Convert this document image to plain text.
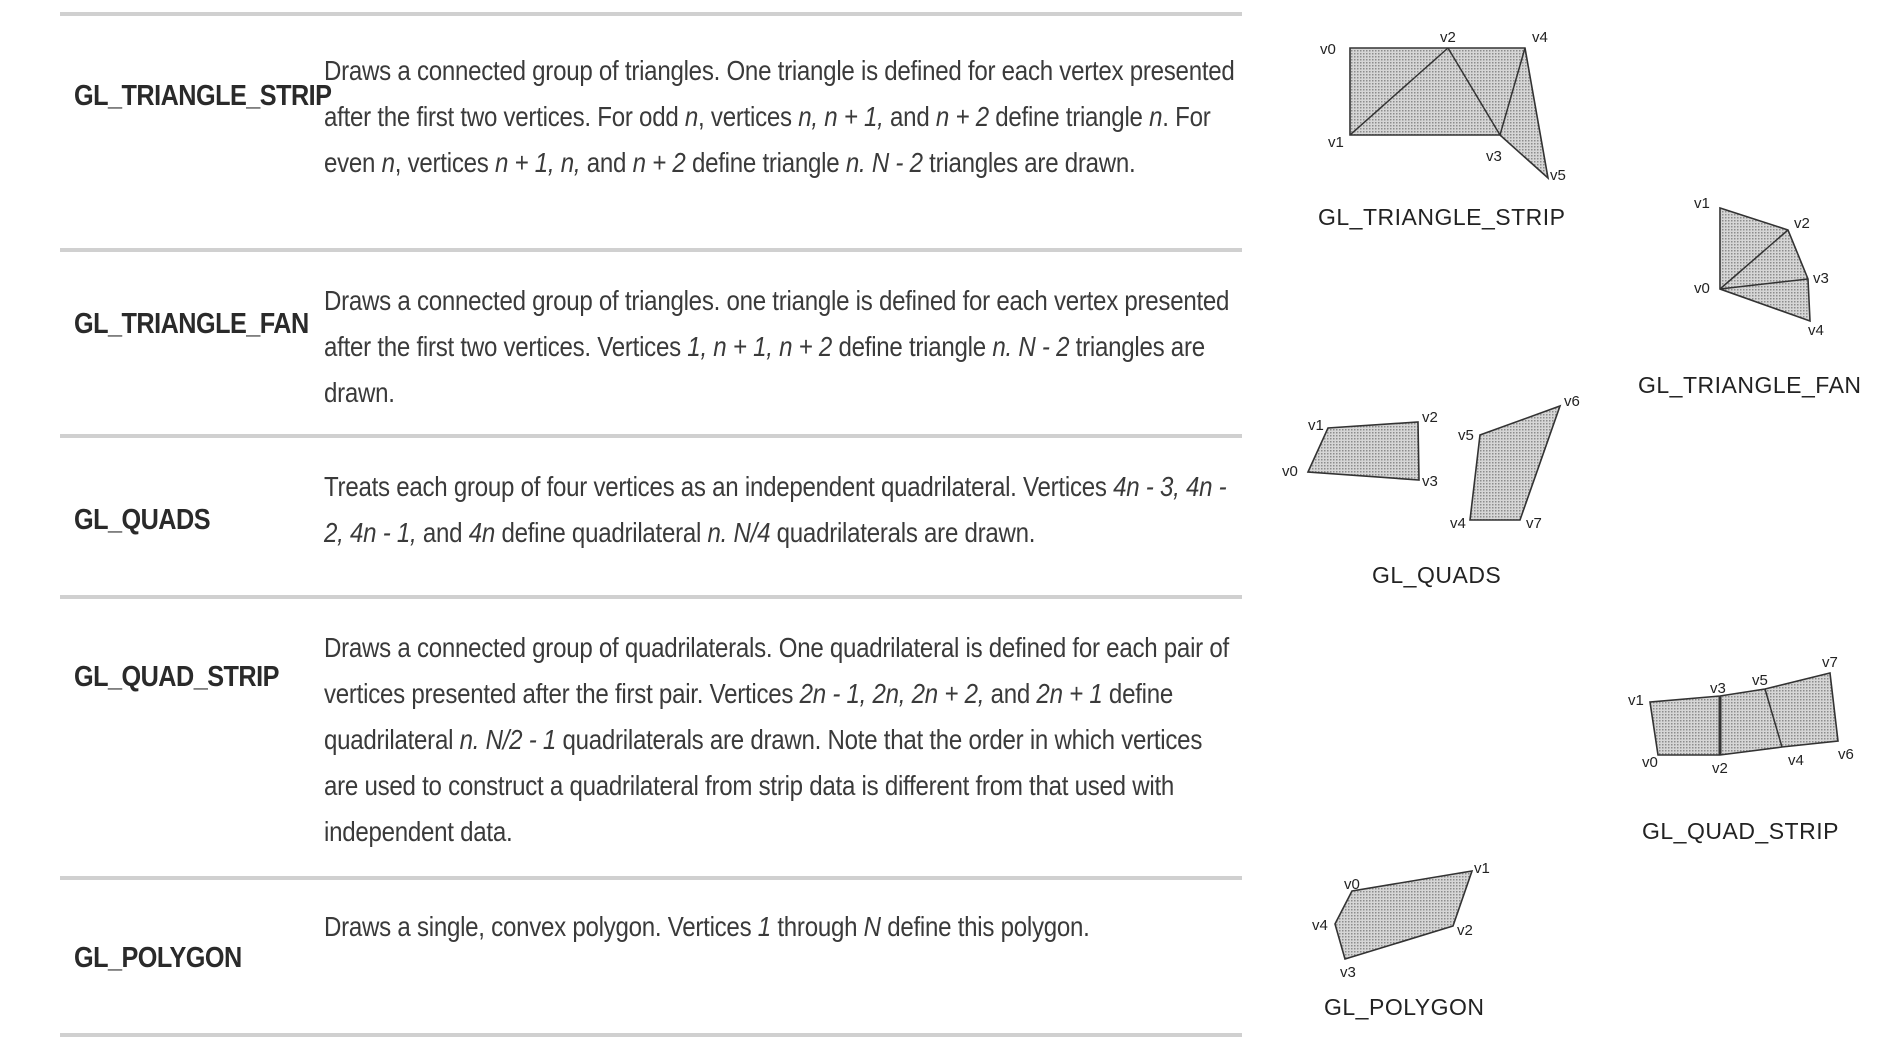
GL_TRIANGLE_STRIP
Draws a connected group of triangles. One triangle is defined for each vertex presented after the first two vertices. For odd n, vertices n, n + 1, and n + 2 define triangle n. For even n, vertices n + 1, n, and n + 2 define triangle n. N - 2 triangles are drawn.
GL_TRIANGLE_FAN
Draws a connected group of triangles. one triangle is defined for each vertex presented after the first two vertices. Vertices 1, n + 1, n + 2 define triangle n. N - 2 triangles are drawn.
GL_QUADS
Treats each group of four vertices as an independent quadrilateral. Vertices 4n - 3, 4n - 2, 4n - 1, and 4n define quadrilateral n. N/4 quadrilaterals are drawn.
GL_QUAD_STRIP
Draws a connected group of quadrilaterals. One quadrilateral is defined for each pair of vertices presented after the first pair. Vertices 2n - 1, 2n, 2n + 2, and 2n + 1 define quadrilateral n. N/2 - 1 quadrilaterals are drawn. Note that the order in which vertices are used to construct a quadrilateral from strip data is different from that used with independent data.
GL_POLYGON
Draws a single, convex polygon. Vertices 1 through N define this polygon.
v0
v1
v2
v3
v4
v5
GL_TRIANGLE_STRIP
v0
v1
v2
v3
v4
GL_TRIANGLE_FAN
v0
v1	v2
v3
v4
v5
v6
v7
GL_QUADS
v0
v1
v2
v3
v4
v5
v6
v7
GL_QUAD_STRIP
v0
v1
v2
v3
v4
GL_POLYGON
